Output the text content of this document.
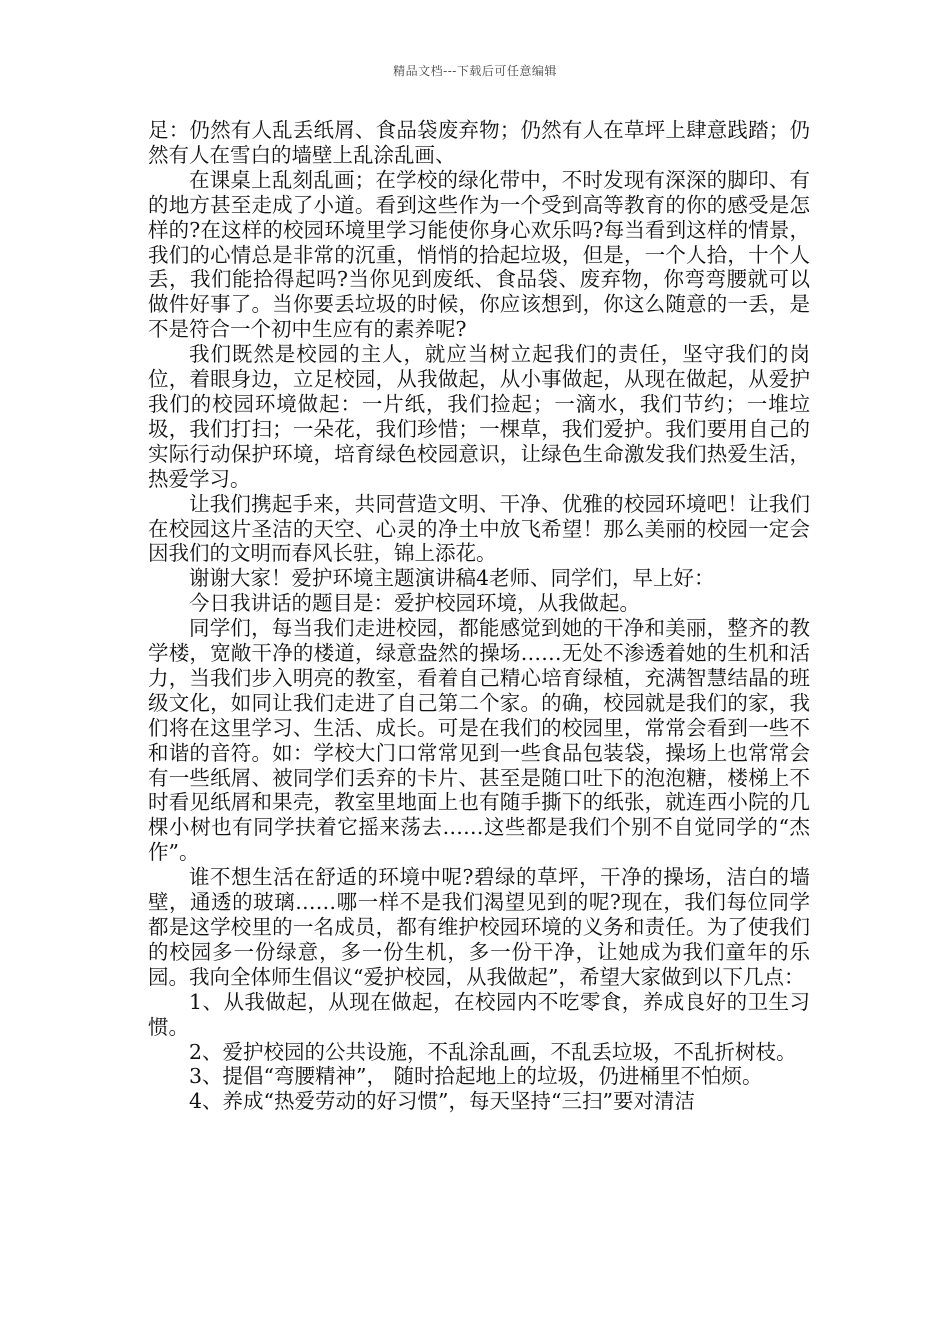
精品文档---下载后可任意编辑

足：仍然有人乱丢纸屑、食品袋废弃物；仍然有人在草坪上肆意践踏；仍然有人在雪白的墙壁上乱涂乱画、

在课桌上乱刻乱画；在学校的绿化带中，不时发现有深深的脚印、有的地方甚至走成了小道。看到这些作为一个受到高等教育的你的感受是怎样的?在这样的校园环境里学习能使你身心欢乐吗?每当看到这样的情景，我们的心情总是非常的沉重，悄悄的拾起垃圾，但是，一个人拾，十个人丢，我们能拾得起吗?当你见到废纸、食品袋、废弃物，你弯弯腰就可以做件好事了。当你要丢垃圾的时候，你应该想到，你这么随意的一丢，是不是符合一个初中生应有的素养呢?

我们既然是校园的主人，就应当树立起我们的责任，坚守我们的岗位，着眼身边，立足校园，从我做起，从小事做起，从现在做起，从爱护我们的校园环境做起：一片纸，我们捡起；一滴水，我们节约；一堆垃圾，我们打扫；一朵花，我们珍惜；一棵草，我们爱护。我们要用自己的实际行动保护环境，培育绿色校园意识，让绿色生命激发我们热爱生活，热爱学习。

让我们携起手来，共同营造文明、干净、优雅的校园环境吧！让我们在校园这片圣洁的天空、心灵的净土中放飞希望！那么美丽的校园一定会因我们的文明而春风长驻，锦上添花。

谢谢大家！爱护环境主题演讲稿4老师、同学们，早上好：

今日我讲话的题目是：爱护校园环境，从我做起。

同学们，每当我们走进校园，都能感觉到她的干净和美丽，整齐的教学楼，宽敞干净的楼道，绿意盎然的操场……无处不渗透着她的生机和活力，当我们步入明亮的教室，看着自己精心培育绿植，充满智慧结晶的班级文化，如同让我们走进了自己第二个家。的确，校园就是我们的家，我们将在这里学习、生活、成长。可是在我们的校园里，常常会看到一些不和谐的音符。如：学校大门口常常见到一些食品包装袋，操场上也常常会有一些纸屑、被同学们丢弃的卡片、甚至是随口吐下的泡泡糖，楼梯上不时看见纸屑和果壳，教室里地面上也有随手撕下的纸张，就连西小院的几棵小树也有同学扶着它摇来荡去……这些都是我们个别不自觉同学的“杰作”。

谁不想生活在舒适的环境中呢?碧绿的草坪，干净的操场，洁白的墙壁，通透的玻璃……哪一样不是我们渴望见到的呢?现在，我们每位同学都是这学校里的一名成员，都有维护校园环境的义务和责任。为了使我们的校园多一份绿意，多一份生机，多一份干净，让她成为我们童年的乐园。我向全体师生倡议“爱护校园，从我做起”，希望大家做到以下几点：

1、从我做起，从现在做起，在校园内不吃零食，养成良好的卫生习惯。

2、爱护校园的公共设施，不乱涂乱画，不乱丢垃圾，不乱折树枝。

3、提倡“弯腰精神”， 随时拾起地上的垃圾，仍进桶里不怕烦。

4、养成“热爱劳动的好习惯”，每天坚持“三扫”要对清洁
